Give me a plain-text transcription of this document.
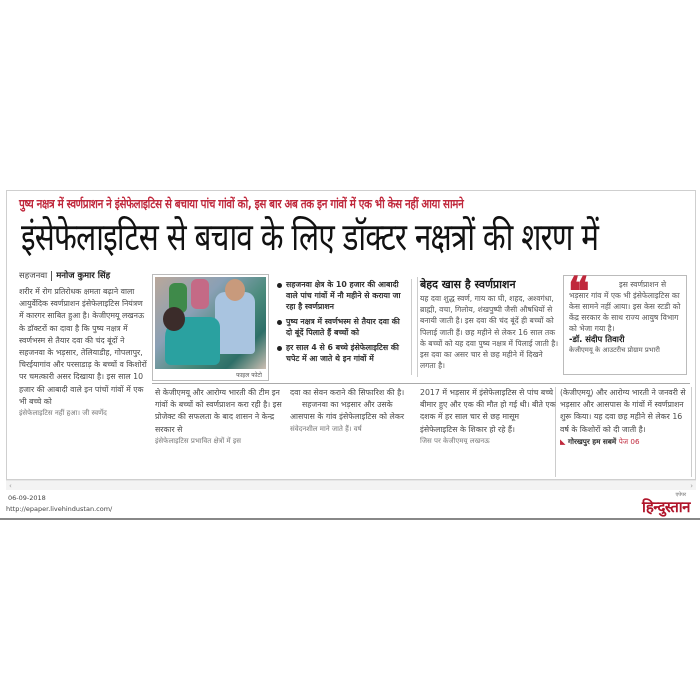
पुष्य नक्षत्र में स्वर्णप्राशन ने इंसेफेलाइटिस से बचाया पांच गांवों को, इस बार अब तक इन गांवों में एक भी केस नहीं आया सामने
इंसेफेलाइटिस से बचाव के लिए डॉक्टर नक्षत्रों की शरण में
सहजनवा मनोज कुमार सिंह

शरीर में रोग प्रतिरोधक क्षमता बढ़ाने वाला आयुर्वेदिक स्वर्णप्राशन इंसेफेलाइटिस नियंत्रण में कारगर साबित हुआ है। केजीएमयू लखनऊ के डॉक्टरों का दावा है कि पुष्य नक्षत्र में स्वर्णभस्म से तैयार दवा की चंद बूंदों ने सहजनवा के भड़सार, तेलियाडीह, गोपलापुर, चिरईयागांव और परसाडाड़ के बच्चों व किशोरों पर चमत्कारी असर दिखाया है। इस साल 10 हजार की आबादी वाले इन पांचों गांवों में एक भी बच्चे को

इंसेफेलाइटिस नहीं हुआ। जी स्वर्णेद

फाइल फोटो
सहजनवा क्षेत्र के 10 हजार की आबादी वाले पांच गांवों में नौ महीने से कराया जा रहा है स्वर्णप्राशन
पुष्य नक्षत्र में स्वर्णभस्म से तैयार दवा की दो बूंदें पिलाते हैं बच्चों को
हर साल 4 से 6 बच्चे इंसेफेलाइटिस की चपेट में आ जाते थे इन गांवों में
बेहद खास है स्वर्णप्राशन
यह दवा शुद्ध स्वर्ण, गाय का घी, शहद, अश्वगंधा, ब्राह्मी, वचा, गिलोय, शंखपुष्पी जैसी औषधियों से बनायी जाती है। इस दवा की चंद बूंदें ही बच्चों को पिलाई जाती हैं। छह महीने से लेकर 16 साल तक के बच्चों को यह दवा पुष्य नक्षत्र में पिलाई जाती है। इस दवा का असर चार से छह महीने में दिखने लगता है।
❝	इस स्वर्णप्राशन से भड़सार गांव में एक भी इंसेफेलाइटिस का केस सामने नहीं आया। इस केस स्टडी को केंद्र सरकार के साथ राज्य आयुष विभाग को भेजा गया है।

-डॉ. संदीप तिवारी

केजीएमयू के आउटरीच प्रोग्राम प्रभारी

से केजीएमयू और आरोग्य भारती की टीम इन गांवों के बच्चों को स्वर्णप्राशन करा रही है। इस प्रोजेक्ट की सफलता के बाद शासन ने केन्द्र सरकार से

इंसेफेलाइटिस प्रभावित क्षेत्रों में इस

दवा का सेवन कराने की सिफारिश की है।

सहजनवा का भड़सार और उसके आसपास के गांव इंसेफेलाइटिस को लेकर

संवेदनशील माने जाते हैं। वर्ष

2017 में भड़सार में इंसेफेलाइटिस से पांच बच्चे बीमार हुए और एक की मौत हो गई थी। बीते एक दशक में हर साल चार से छह मासूम इंसेफेलाइटिस के शिकार हो रहे हैं।

जिस पर केजीएमयू लखनऊ

(केजीएमयू) और आरोग्य भारती ने जनवरी से भड़सार और आसपास के गांवों में स्वर्णप्राशन शुरू किया। यह दवा छह महीने से लेकर 16 वर्ष के किशोरों को दी जाती है।

◣ गोरखपुर हम सबमें पेज 06

‹	›
06-09-2018
http://epaper.livehindustan.com/
एपेपर
हिन्दुस्तान
